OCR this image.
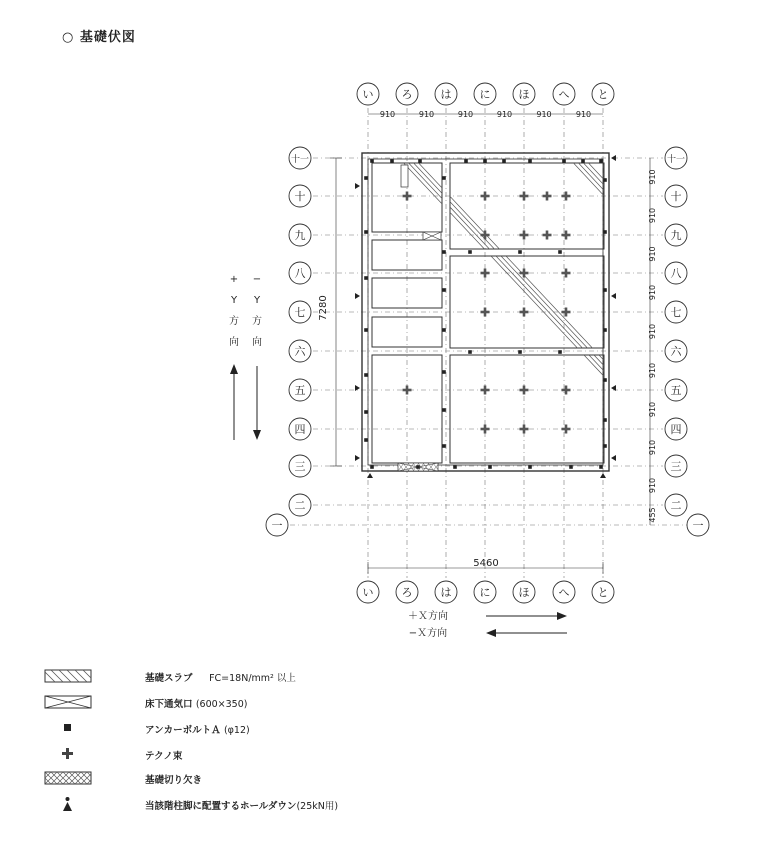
○ 基礎伏図
い	ろ	は	に	ほ	へ	と
い	ろ	は	に	ほ	へ	と
十一	十一
十	十
九	九
八	八
七	七
六	六
五	五
四	四
三	三
二	二
一	一
910	910	910	910	910	910
910
910
910
910
910
910
910
910
910
455
5460
7280
+
Y
方
向
−
Y
方
向
＋Ｘ方向
−Ｘ方向
基礎スラブ FC=18N/mm² 以上
床下通気口 (600×350)
アンカーボルトＡ (φ12)
テクノ束
基礎切り欠き
当該階柱脚に配置するホールダウン(25kN用)
